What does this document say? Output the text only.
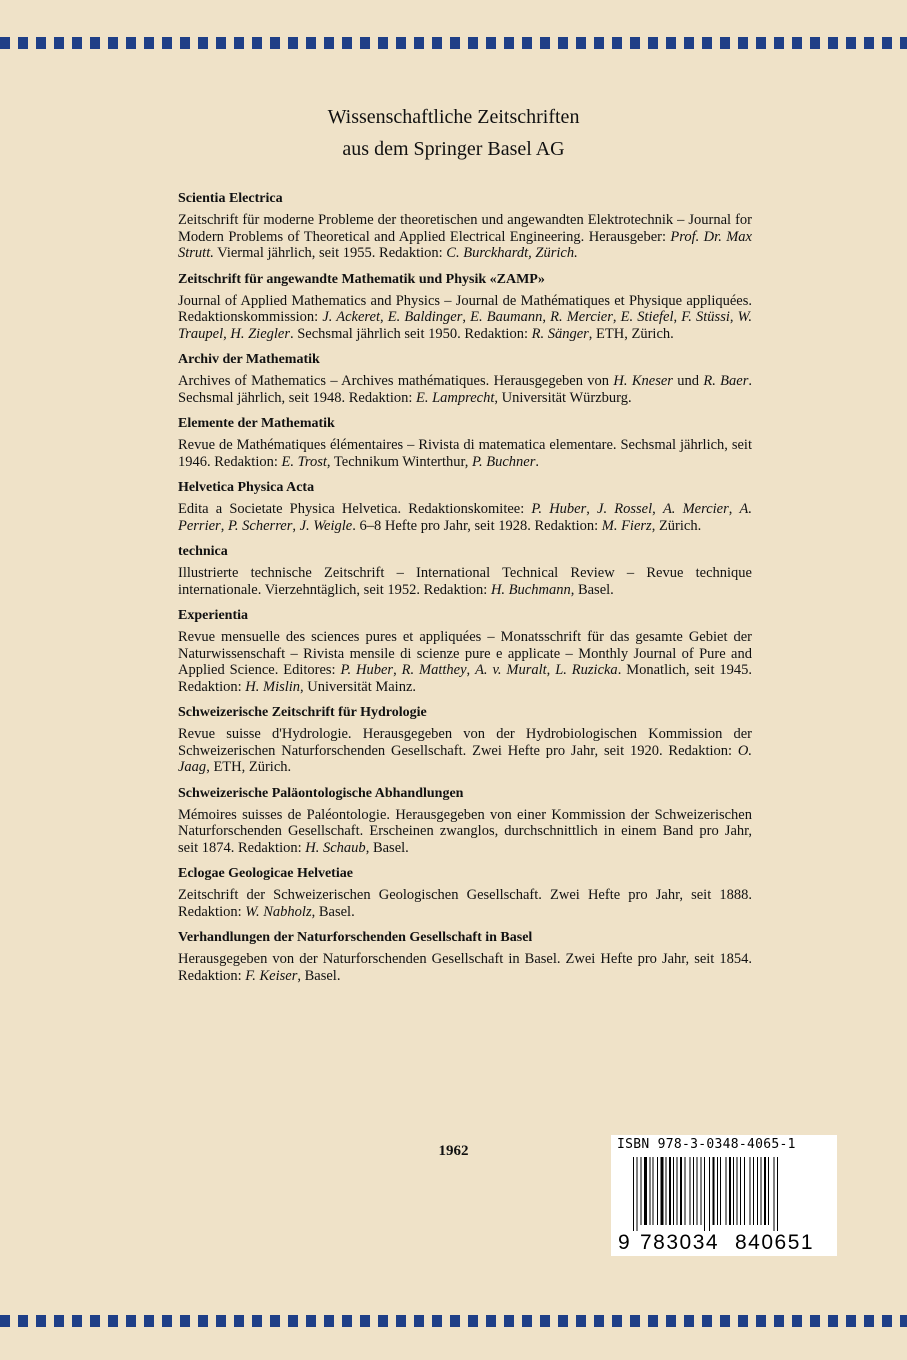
Wissenschaftliche Zeitschriften
aus dem Springer Basel AG
Scientia Electrica

Zeitschrift für moderne Probleme der theoretischen und angewandten Elektrotechnik – Journal for Modern Problems of Theoretical and Applied Electrical Engineering. Herausgeber: Prof. Dr. Max Strutt. Viermal jährlich, seit 1955. Redaktion: C. Burckhardt, Zürich.

Zeitschrift für angewandte Mathematik und Physik «ZAMP»

Journal of Applied Mathematics and Physics – Journal de Mathématiques et Physique appliquées. Redaktionskommission: J. Ackeret, E. Baldinger, E. Baumann, R. Mercier, E. Stiefel, F. Stüssi, W. Traupel, H. Ziegler. Sechsmal jährlich seit 1950. Redaktion: R. Sänger, ETH, Zürich.

Archiv der Mathematik

Archives of Mathematics – Archives mathématiques. Herausgegeben von H. Kneser und R. Baer. Sechsmal jährlich, seit 1948. Redaktion: E. Lamprecht, Universität Würzburg.

Elemente der Mathematik

Revue de Mathématiques élémentaires – Rivista di matematica elementare. Sechsmal jährlich, seit 1946. Redaktion: E. Trost, Technikum Winterthur, P. Buchner.

Helvetica Physica Acta

Edita a Societate Physica Helvetica. Redaktionskomitee: P. Huber, J. Rossel, A. Mercier, A. Perrier, P. Scherrer, J. Weigle. 6–8 Hefte pro Jahr, seit 1928. Redaktion: M. Fierz, Zürich.

technica

Illustrierte technische Zeitschrift – International Technical Review – Revue technique internationale. Vierzehntäglich, seit 1952. Redaktion: H. Buchmann, Basel.

Experientia

Revue mensuelle des sciences pures et appliquées – Monatsschrift für das gesamte Gebiet der Naturwissenschaft – Rivista mensile di scienze pure e applicate – Monthly Journal of Pure and Applied Science. Editores: P. Huber, R. Matthey, A. v. Muralt, L. Ruzicka. Monatlich, seit 1945. Redaktion: H. Mislin, Universität Mainz.

Schweizerische Zeitschrift für Hydrologie

Revue suisse d'Hydrologie. Herausgegeben von der Hydrobiologischen Kommission der Schweizerischen Naturforschenden Gesellschaft. Zwei Hefte pro Jahr, seit 1920. Redaktion: O. Jaag, ETH, Zürich.

Schweizerische Paläontologische Abhandlungen

Mémoires suisses de Paléontologie. Herausgegeben von einer Kommission der Schweizerischen Naturforschenden Gesellschaft. Erscheinen zwanglos, durchschnittlich in einem Band pro Jahr, seit 1874. Redaktion: H. Schaub, Basel.

Eclogae Geologicae Helvetiae

Zeitschrift der Schweizerischen Geologischen Gesellschaft. Zwei Hefte pro Jahr, seit 1888. Redaktion: W. Nabholz, Basel.

Verhandlungen der Naturforschenden Gesellschaft in Basel

Herausgegeben von der Naturforschenden Gesellschaft in Basel. Zwei Hefte pro Jahr, seit 1854. Redaktion: F. Keiser, Basel.

1962	ISBN 978-3-0348-4065-1
9 783034 840651
